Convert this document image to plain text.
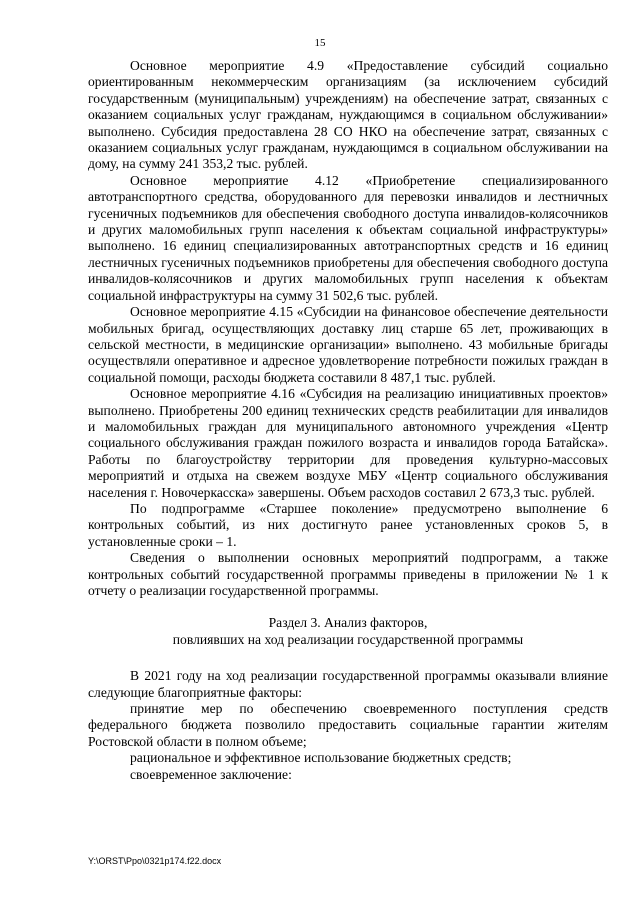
15

Основное мероприятие 4.9 «Предоставление субсидий социально ориентированным некоммерческим организациям (за исключением субсидий государственным (муниципальным) учреждениям) на обеспечение затрат, связанных с оказанием социальных услуг гражданам, нуждающимся в социальном обслуживании» выполнено. Субсидия предоставлена 28 СО НКО на обеспечение затрат, связанных с оказанием социальных услуг гражданам, нуждающимся в социальном обслуживании на дому, на сумму 241 353,2 тыс. рублей.

Основное мероприятие 4.12 «Приобретение специализированного автотранспортного средства, оборудованного для перевозки инвалидов и лестничных гусеничных подъемников для обеспечения свободного доступа инвалидов-колясочников и других маломобильных групп населения к объектам социальной инфраструктуры» выполнено. 16 единиц специализированных автотранспортных средств и 16 единиц лестничных гусеничных подъемников приобретены для обеспечения свободного доступа инвалидов-колясочников и других маломобильных групп населения к объектам социальной инфраструктуры на сумму 31 502,6 тыс. рублей.

Основное мероприятие 4.15 «Субсидии на финансовое обеспечение деятельности мобильных бригад, осуществляющих доставку лиц старше 65 лет, проживающих в сельской местности, в медицинские организации» выполнено. 43 мобильные бригады осуществляли оперативное и адресное удовлетворение потребности пожилых граждан в социальной помощи, расходы бюджета составили 8 487,1 тыс. рублей.

Основное мероприятие 4.16 «Субсидия на реализацию инициативных проектов» выполнено. Приобретены 200 единиц технических средств реабилитации для инвалидов и маломобильных граждан для муниципального автономного учреждения «Центр социального обслуживания граждан пожилого возраста и инвалидов города Батайска». Работы по благоустройству территории для проведения культурно-массовых мероприятий и отдыха на свежем воздухе МБУ «Центр социального обслуживания населения г. Новочеркасска» завершены. Объем расходов составил 2 673,3 тыс. рублей.

По подпрограмме «Старшее поколение» предусмотрено выполнение 6 контрольных событий, из них достигнуто ранее установленных сроков 5, в установленные сроки – 1.

Сведения о выполнении основных мероприятий подпрограмм, а также контрольных событий государственной программы приведены в приложении № 1 к отчету о реализации государственной программы.

Раздел 3. Анализ факторов,
повлиявших на ход реализации государственной программы

В 2021 году на ход реализации государственной программы оказывали влияние следующие благоприятные факторы:

принятие мер по обеспечению своевременного поступления средств федерального бюджета позволило предоставить социальные гарантии жителям Ростовской области в полном объеме;

рациональное и эффективное использование бюджетных средств;

своевременное заключение:

Y:\ORST\Ppo\0321p174.f22.docx
